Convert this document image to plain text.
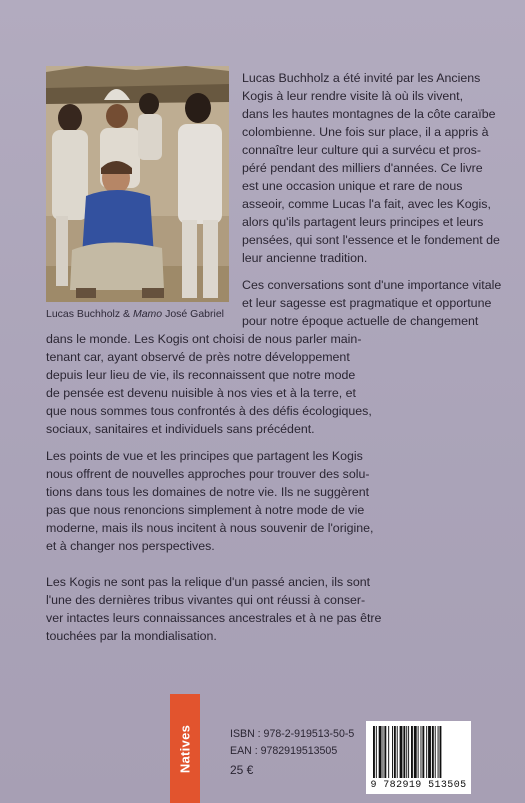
Lucas Buchholz & Mamo José Gabriel

Lucas Buchholz a été invité par les Anciens
Kogis à leur rendre visite là où ils vivent,
dans les hautes montagnes de la côte caraïbe
colombienne. Une fois sur place, il a appris à
connaître leur culture qui a survécu et pros-
péré pendant des milliers d'années. Ce livre
est une occasion unique et rare de nous
asseoir, comme Lucas l'a fait, avec les Kogis,
alors qu'ils partagent leurs principes et leurs
pensées, qui sont l'essence et le fondement de
leur ancienne tradition.

Ces conversations sont d'une importance vitale
et leur sagesse est pragmatique et opportune
pour notre époque actuelle de changement

dans le monde. Les Kogis ont choisi de nous parler main-
tenant car, ayant observé de près notre développement
depuis leur lieu de vie, ils reconnaissent que notre mode
de pensée est devenu nuisible à nos vies et à la terre, et
que nous sommes tous confrontés à des défis écologiques,
sociaux, sanitaires et individuels sans précédent.

Les points de vue et les principes que partagent les Kogis
nous offrent de nouvelles approches pour trouver des solu-
tions dans tous les domaines de notre vie. Ils ne suggèrent
pas que nous renoncions simplement à notre mode de vie
moderne, mais ils nous incitent à nous souvenir de l'origine,
et à changer nos perspectives.

Les Kogis ne sont pas la relique d'un passé ancien, ils sont
l'une des dernières tribus vivantes qui ont réussi à conser-
ver intactes leurs connaissances ancestrales et à ne pas être
touchées par la mondialisation.

Natives	ISBN : 978-2-919513-50-5
EAN : 9782919513505
25 €
9 782919 513505
